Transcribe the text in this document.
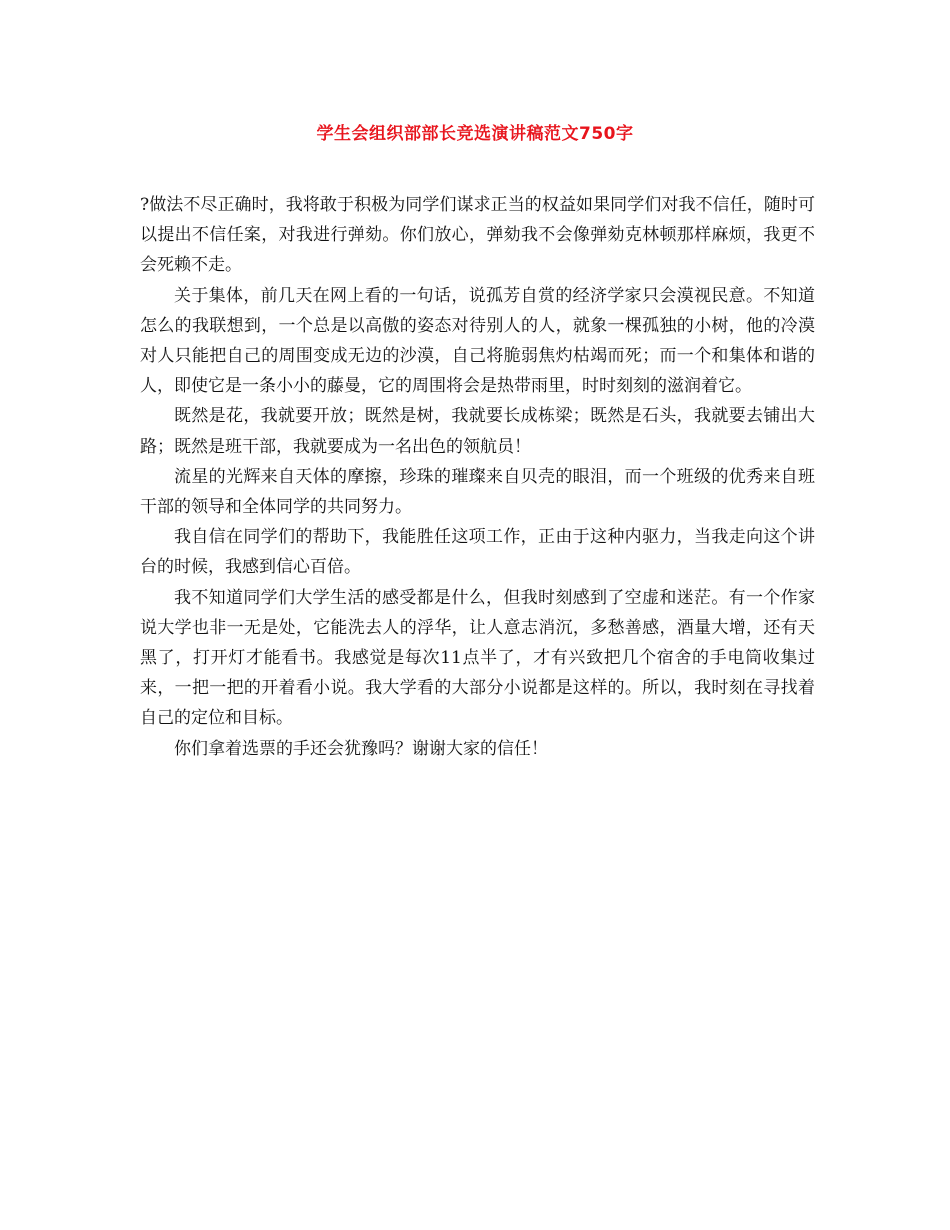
学生会组织部部长竞选演讲稿范文750字

?做法不尽正确时，我将敢于积极为同学们谋求正当的权益如果同学们对我不信任，随时可以提出不信任案，对我进行弹劾。你们放心，弹劾我不会像弹劾克林顿那样麻烦，我更不会死赖不走。

关于集体，前几天在网上看的一句话，说孤芳自赏的经济学家只会漠视民意。不知道怎么的我联想到，一个总是以高傲的姿态对待别人的人，就象一棵孤独的小树，他的冷漠对人只能把自己的周围变成无边的沙漠，自己将脆弱焦灼枯竭而死；而一个和集体和谐的人，即使它是一条小小的藤曼，它的周围将会是热带雨里，时时刻刻的滋润着它。

既然是花，我就要开放；既然是树，我就要长成栋梁；既然是石头，我就要去铺出大路；既然是班干部，我就要成为一名出色的领航员！

流星的光辉来自天体的摩擦，珍珠的璀璨来自贝壳的眼泪，而一个班级的优秀来自班干部的领导和全体同学的共同努力。

我自信在同学们的帮助下，我能胜任这项工作，正由于这种内驱力，当我走向这个讲台的时候，我感到信心百倍。

我不知道同学们大学生活的感受都是什么，但我时刻感到了空虚和迷茫。有一个作家说大学也非一无是处，它能洗去人的浮华，让人意志消沉，多愁善感，酒量大增，还有天黑了，打开灯才能看书。我感觉是每次11点半了，才有兴致把几个宿舍的手电筒收集过来，一把一把的开着看小说。我大学看的大部分小说都是这样的。所以，我时刻在寻找着自己的定位和目标。

你们拿着选票的手还会犹豫吗？谢谢大家的信任！
